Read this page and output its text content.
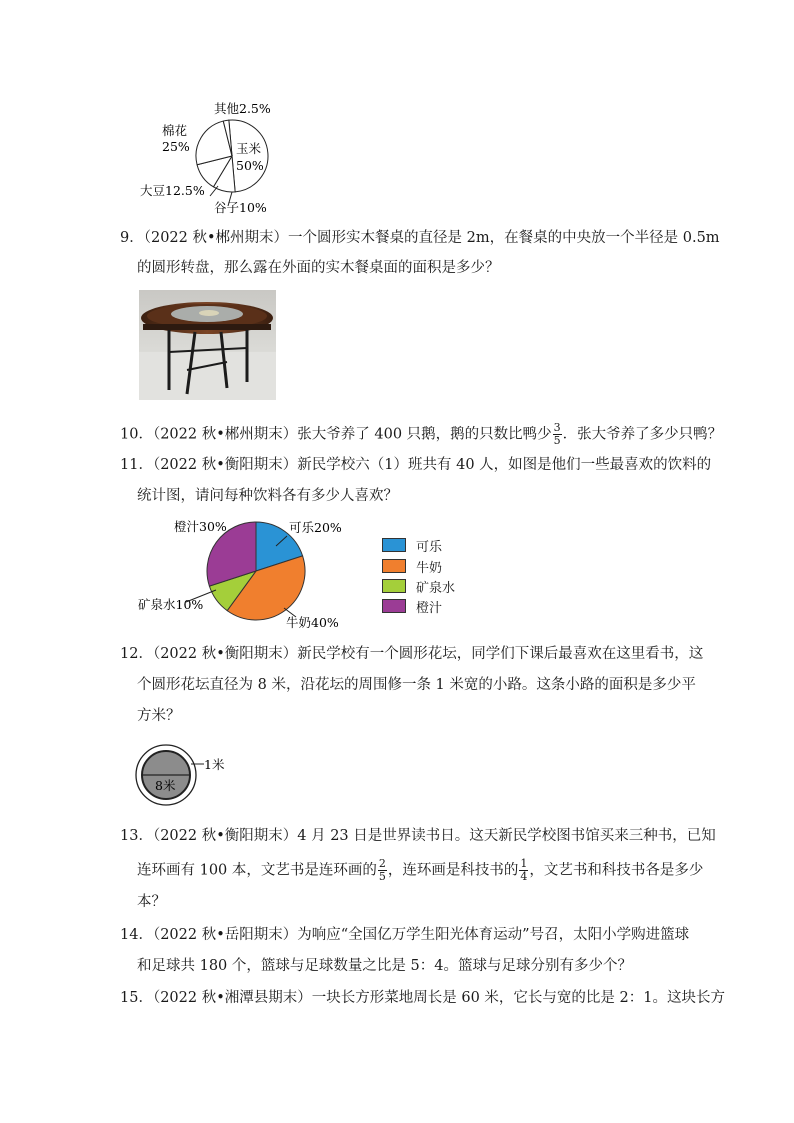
其他2.5%
棉花
25%	玉米
50%
大豆12.5%
谷子10%
9．（2022 秋•郴州期末）一个圆形实木餐桌的直径是 2m，在餐桌的中央放一个半径是 0.5m
的圆形转盘，那么露在外面的实木餐桌面的面积是多少？
10．（2022 秋•郴州期末）张大爷养了 400 只鹅，鹅的只数比鸭少 $\frac{3}{5}$ ．张大爷养了多少只鸭？
11．（2022 秋•衡阳期末）新民学校六（1）班共有 40 人，如图是他们一些最喜欢的饮料的
统计图，请问每种饮料各有多少人喜欢？
橙汁30%	可乐20%
矿泉水10%
牛奶40%
可乐
牛奶
矿泉水
橙汁
12．（2022 秋•衡阳期末）新民学校有一个圆形花坛，同学们下课后最喜欢在这里看书，这
个圆形花坛直径为 8 米，沿花坛的周围修一条 1 米宽的小路。这条小路的面积是多少平
方米？
8米
1米
13．（2022 秋•衡阳期末）4 月 23 日是世界读书日。这天新民学校图书馆买来三种书，已知
连环画有 100 本，文艺书是连环画的 $\frac{2}{5}$ ，连环画是科技书的 $\frac{1}{4}$ ，文艺书和科技书各是多少
本？
14．（2022 秋•岳阳期末）为响应“全国亿万学生阳光体育运动”号召，太阳小学购进篮球
和足球共 180 个，篮球与足球数量之比是 5：4。篮球与足球分别有多少个？
15．（2022 秋•湘潭县期末）一块长方形菜地周长是 60 米，它长与宽的比是 2：1。这块长方
